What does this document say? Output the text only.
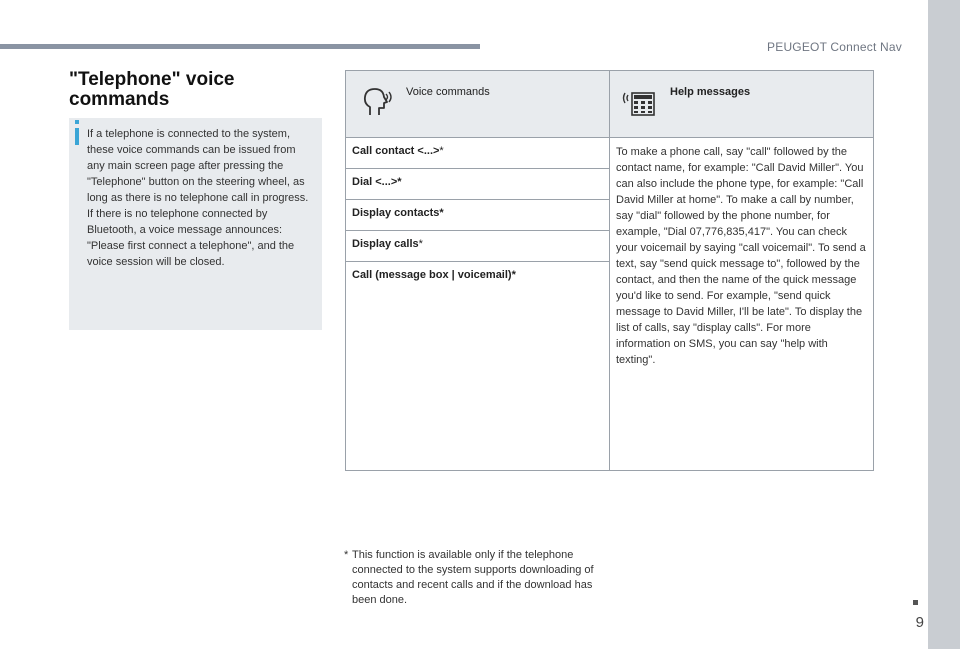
PEUGEOT Connect Nav
9
"Telephone" voice commands

If a telephone is connected to the system, these voice commands can be issued from any main screen page after pressing the "Telephone" button on the steering wheel, as long as there is no telephone call in progress.
If there is no telephone connected by Bluetooth, a voice message announces: "Please first connect a telephone", and the voice session will be closed.

Voice commands	Help messages

Call contact <...>*	To make a phone call, say "call" followed by the contact name, for example: "Call David Miller". You can also include the phone type, for example: "Call David Miller at home". To make a call by number, say "dial" followed by the phone number, for example, "Dial 07,776,835,417". You can check your voicemail by saying "call voicemail". To send a text, say "send quick message to", followed by the contact, and then the name of the quick message you'd like to send. For example, "send quick message to David Miller, I'll be late". To display the list of calls, say "display calls". For more information on SMS, you can say "help with texting".
Dial <...>*	
Display contacts*	
Display calls*	
Call (message box | voicemail)*	
* This function is available only if the telephone connected to the system supports downloading of contacts and recent calls and if the download has been done.
